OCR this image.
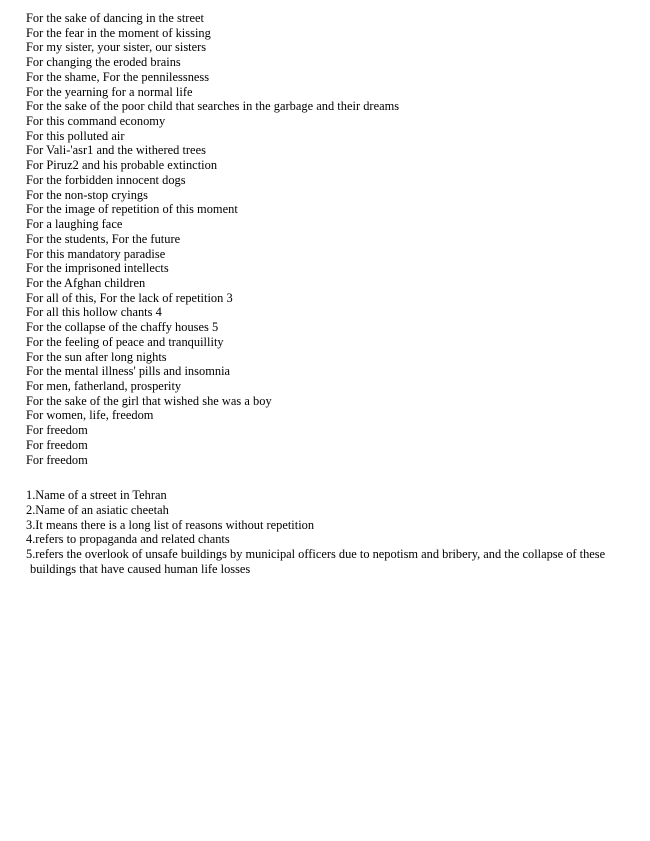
For the sake of dancing in the street
For the fear in the moment of kissing
For my sister, your sister, our sisters
For changing the eroded brains
For the shame, For the pennilessness
For the yearning for a normal life
For the sake of the poor child that searches in the garbage and their dreams
For this command economy
For this polluted air
For Vali-'asr1 and the withered trees
For Piruz2 and his probable extinction
For the forbidden innocent dogs
For the non-stop cryings
For the image of repetition of this moment
For a laughing face
For the students, For the future
For this mandatory paradise
For the imprisoned intellects
For the Afghan children
For all of this, For the lack of repetition 3
For all this hollow chants 4
For the collapse of the chaffy houses 5
For the feeling of peace and tranquillity
For the sun after long nights
For the mental illness' pills and insomnia
For men, fatherland, prosperity
For the sake of the girl that wished she was a boy
For women, life, freedom
For freedom
For freedom
For freedom
1.Name of a street in Tehran
2.Name of an asiatic cheetah
3.It means there is a long list of reasons without repetition
4.refers to propaganda and related chants
5.refers the overlook of unsafe buildings by municipal officers due to nepotism and bribery, and the collapse of these
buildings that have caused human life losses
